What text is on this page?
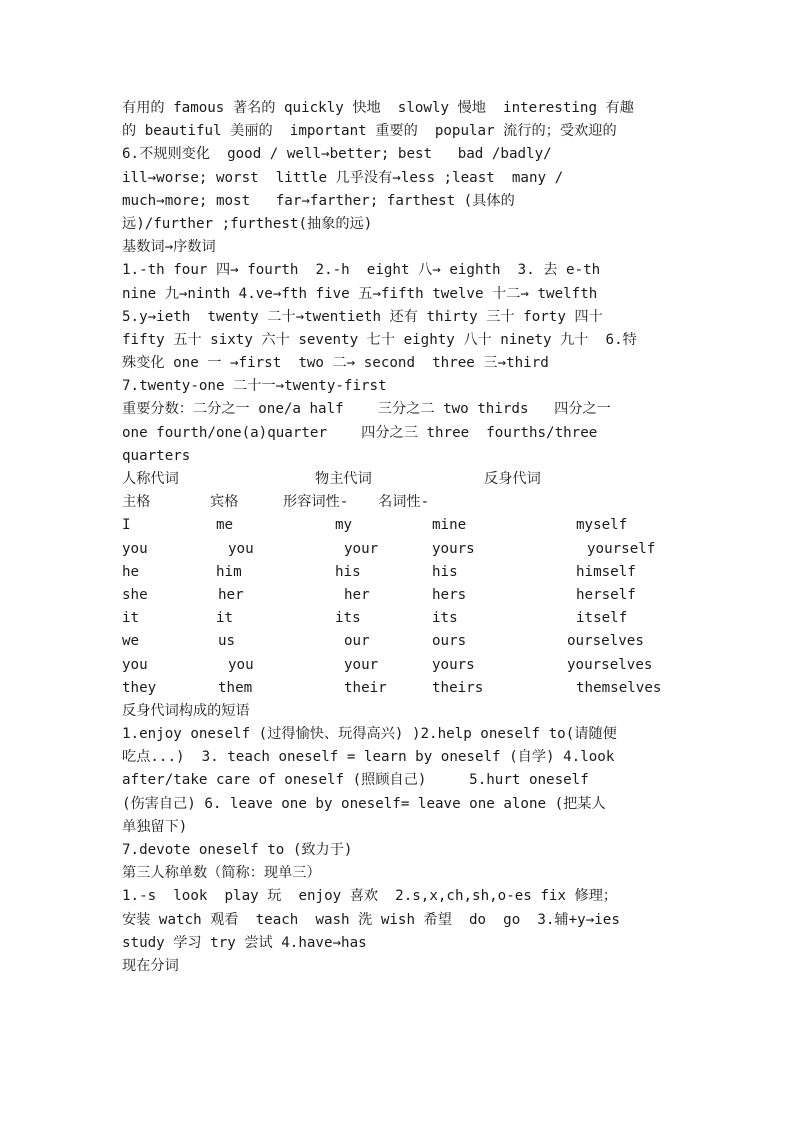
有用的 famous 著名的 quickly 快地  slowly 慢地  interesting 有趣
的 beautiful 美丽的  important 重要的  popular 流行的；受欢迎的
6.不规则变化  good / well→better; best   bad /badly/
ill→worse; worst  little 几乎没有→less ;least  many /
much→more; most   far→farther; farthest (具体的
远)/further ;furthest(抽象的远)
基数词→序数词
1.-th four 四→ fourth  2.-h  eight 八→ eighth  3. 去 e-th
nine 九→ninth 4.ve→fth five 五→fifth twelve 十二→ twelfth
5.y→ieth  twenty 二十→twentieth 还有 thirty 三十 forty 四十
fifty 五十 sixty 六十 seventy 七十 eighty 八十 ninety 九十  6.特
殊变化 one 一 →first  two 二→ second  three 三→third
7.twenty-one 二十一→twenty-first
重要分数：二分之一 one/a half    三分之二 two thirds   四分之一
one fourth/one(a)quarter    四分之三 three  fourths/three
quarters
人称代词	物主代词	反身代词
主格	宾格	形容词性- 名词性-
I	me	my	mine	myself
you	you	your	yours	yourself
he	him	his	his	himself
she	her	her	hers	herself
it	it	its	its	itself
we	us	our	ours	ourselves
you	you	your	yours	yourselves
they	them	their	theirs	themselves
反身代词构成的短语
1.enjoy oneself (过得愉快、玩得高兴) )2.help oneself to(请随便
吃点...)  3. teach oneself = learn by oneself (自学) 4.look
after/take care of oneself (照顾自己)     5.hurt oneself
(伤害自己) 6. leave one by oneself= leave one alone (把某人
单独留下)
7.devote oneself to (致力于)
第三人称单数（简称：现单三）
1.-s  look  play 玩  enjoy 喜欢  2.s,x,ch,sh,o-es fix 修理；
安装 watch 观看  teach  wash 洗 wish 希望  do  go  3.辅+y→ies
study 学习 try 尝试 4.have→has
现在分词
